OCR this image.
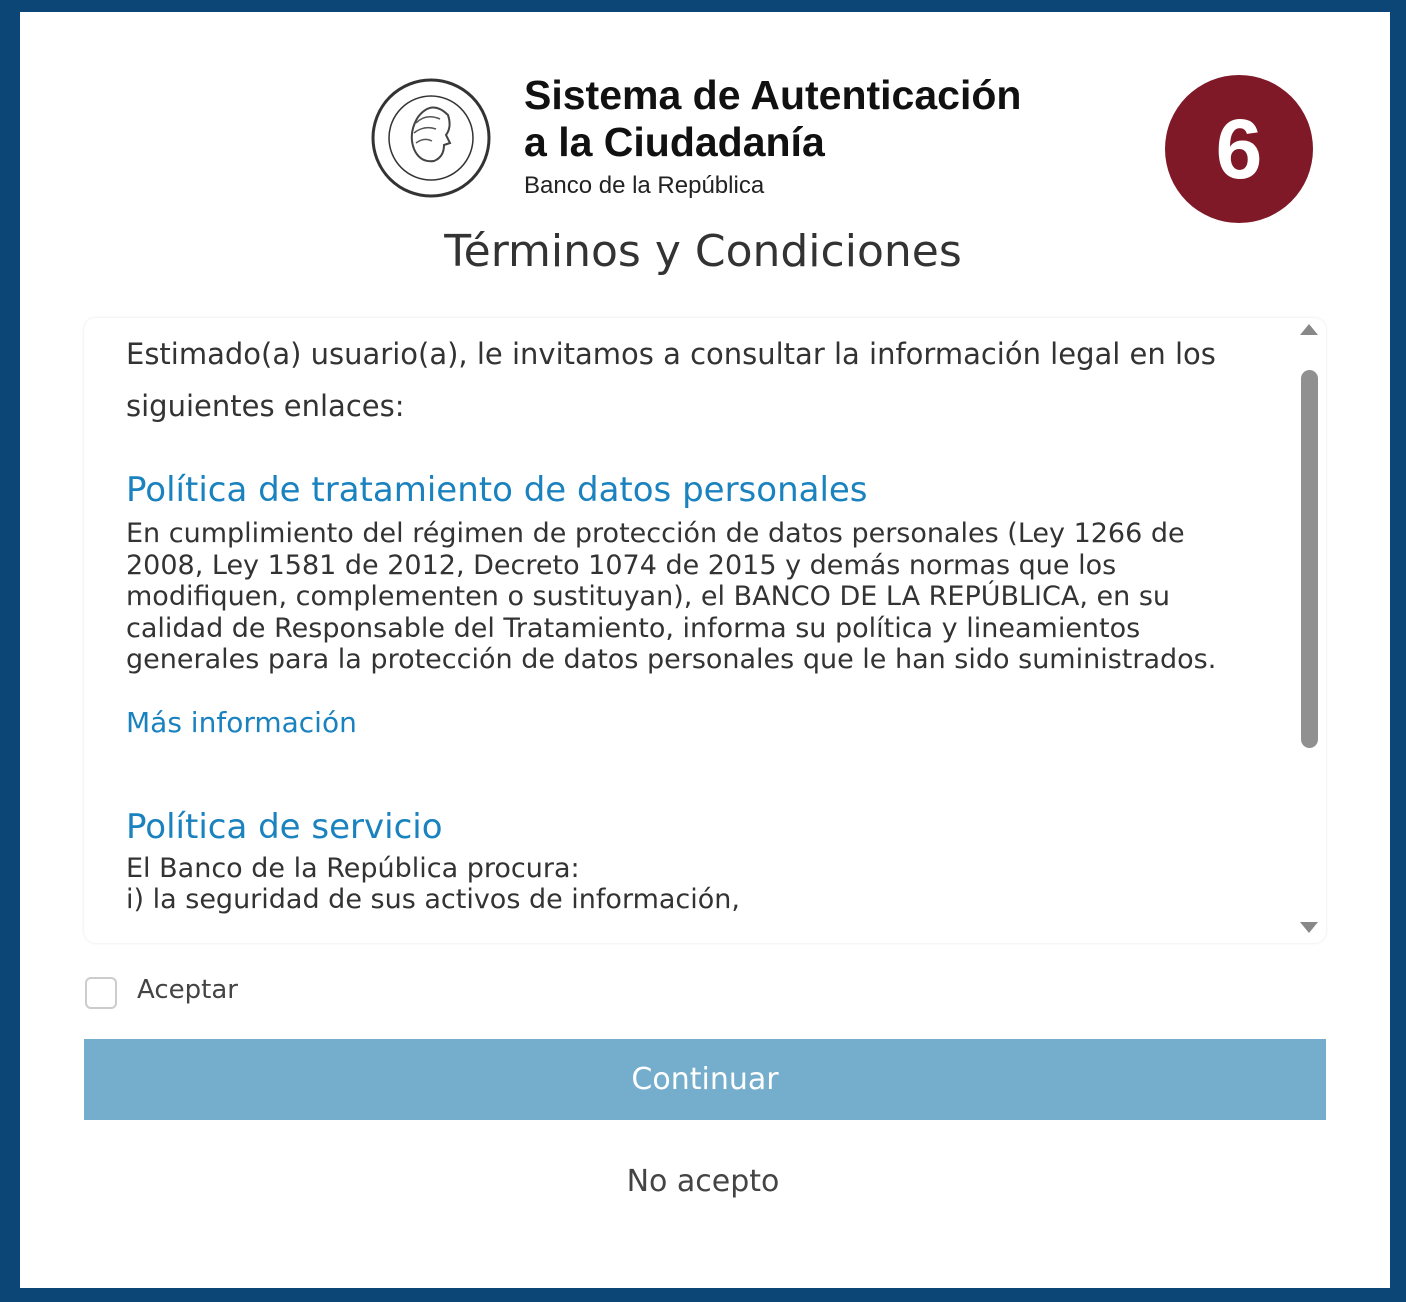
Sistema de Autenticación
a la Ciudadanía
Banco de la República	6
Términos y Condiciones

Estimado(a) usuario(a), le invitamos a consultar la información legal en los siguientes enlaces:

Política de tratamiento de datos personales

En cumplimiento del régimen de protección de datos personales (Ley 1266 de 2008, Ley 1581 de 2012, Decreto 1074 de 2015 y demás normas que los modifiquen, complementen o sustituyan), el BANCO DE LA REPÚBLICA, en su calidad de Responsable del Tratamiento, informa su política y lineamientos generales para la protección de datos personales que le han sido suministrados.

Más información

Política de servicio

El Banco de la República procura:

i) la seguridad de sus activos de información,

Aceptar
Continuar
No acepto
